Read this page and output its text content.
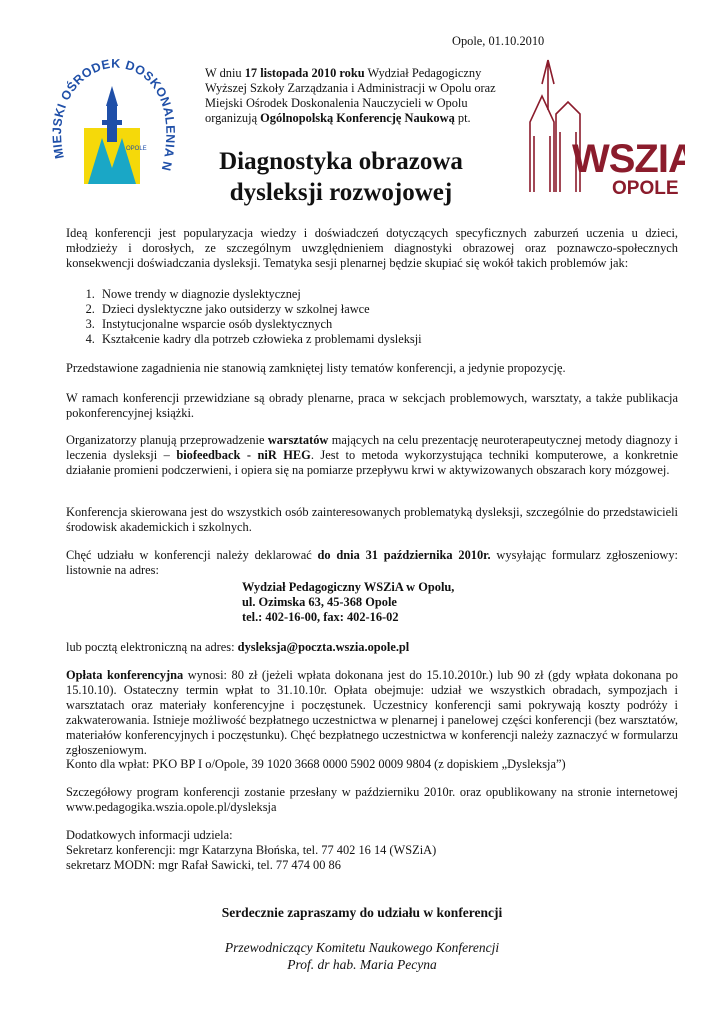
MIEJSKI OŚRODEK DOSKONALENIA N
OPOLE	WSZIA
OPOLE
Opole, 01.10.2010
W dniu 17 listopada 2010 roku Wydział Pedagogiczny Wyższej Szkoły Zarządzania i Administracji w Opolu oraz Miejski Ośrodek Doskonalenia Nauczycieli w Opolu organizują Ogólnopolską Konferencję Naukową pt.
Diagnostyka obrazowa
dysleksji rozwojowej

Ideą konferencji jest popularyzacja wiedzy i doświadczeń dotyczących specyficznych zaburzeń uczenia u dzieci, młodzieży i dorosłych, ze szczególnym uwzględnieniem diagnostyki obrazowej oraz poznawczo-społecznych konsekwencji doświadczania dysleksji. Tematyka sesji plenarnej będzie skupiać się wokół takich problemów jak:

1. Nowe trendy w diagnozie dyslektycznej
2. Dzieci dyslektyczne jako outsiderzy w szkolnej ławce
3. Instytucjonalne wsparcie osób dyslektycznych
4. Kształcenie kadry dla potrzeb człowieka z problemami dysleksji

Przedstawione zagadnienia nie stanowią zamkniętej listy tematów konferencji, a jedynie propozycję.

W ramach konferencji przewidziane są obrady plenarne, praca w sekcjach problemowych, warsztaty, a także publikacja pokonferencyjnej książki.

Organizatorzy planują przeprowadzenie warsztatów mających na celu prezentację neuroterapeutycznej metody diagnozy i leczenia dysleksji – biofeedback - niR HEG. Jest to metoda wykorzystująca techniki komputerowe, a konkretnie działanie promieni podczerwieni, i opiera się na pomiarze przepływu krwi w aktywizowanych obszarach kory mózgowej.

Konferencja skierowana jest do wszystkich osób zainteresowanych problematyką dysleksji, szczególnie do przedstawicieli środowisk akademickich i szkolnych.

Chęć udziału w konferencji należy deklarować do dnia 31 października 2010r. wysyłając formularz zgłoszeniowy: listownie na adres:

Wydział Pedagogiczny WSZiA w Opolu,
ul. Ozimska 63, 45-368 Opole
tel.: 402-16-00, fax: 402-16-02

lub pocztą elektroniczną na adres: dysleksja@poczta.wszia.opole.pl

Opłata konferencyjna wynosi: 80 zł (jeżeli wpłata dokonana jest do 15.10.2010r.) lub 90 zł (gdy wpłata dokonana po 15.10.10). Ostateczny termin wpłat to 31.10.10r. Opłata obejmuje: udział we wszystkich obradach, sympozjach i warsztatach oraz materiały konferencyjne i poczęstunek. Uczestnicy konferencji sami pokrywają koszty podróży i zakwaterowania. Istnieje możliwość bezpłatnego uczestnictwa w plenarnej i panelowej części konferencji (bez warsztatów, materiałów konferencyjnych i poczęstunku). Chęć bezpłatnego uczestnictwa w konferencji należy zaznaczyć w formularzu zgłoszeniowym.

Konto dla wpłat: PKO BP I o/Opole, 39 1020 3668 0000 5902 0009 9804 (z dopiskiem „Dysleksja”)

Szczegółowy program konferencji zostanie przesłany w październiku 2010r. oraz opublikowany na stronie internetowej www.pedagogika.wszia.opole.pl/dysleksja

Dodatkowych informacji udziela:
Sekretarz konferencji: mgr Katarzyna Błońska, tel. 77 402 16 14 (WSZiA)
sekretarz MODN: mgr Rafał Sawicki, tel. 77 474 00 86
Serdecznie zapraszamy do udziału w konferencji
Przewodniczący Komitetu Naukowego Konferencji
Prof. dr hab. Maria Pecyna
